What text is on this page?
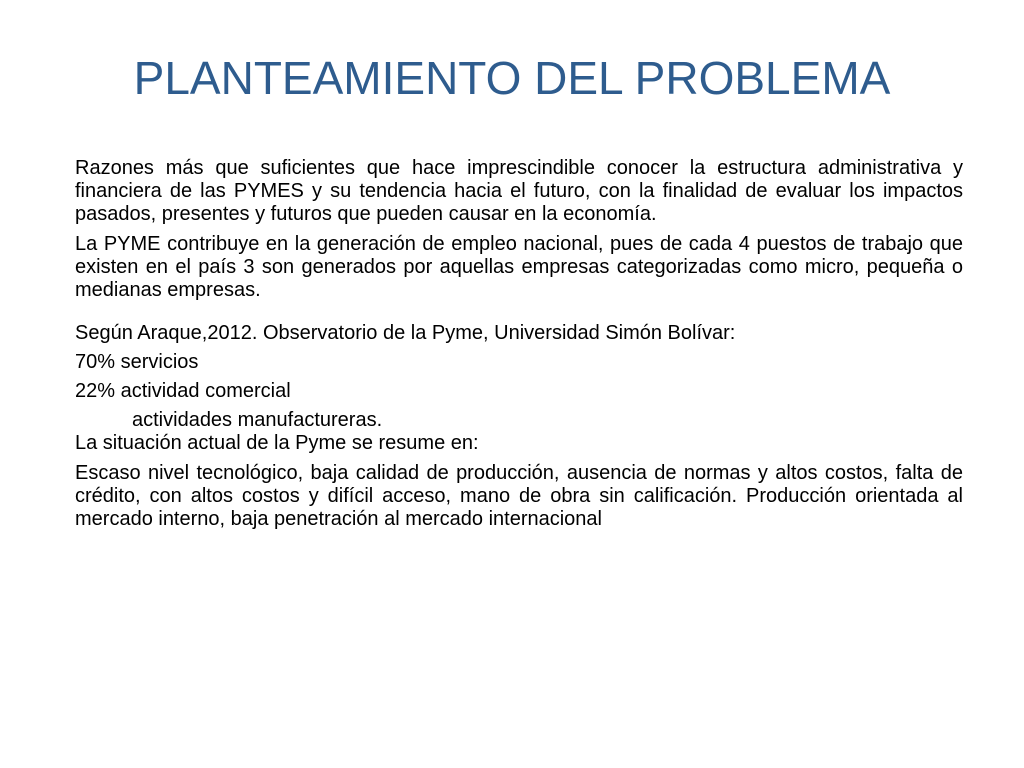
PLANTEAMIENTO DEL PROBLEMA

Razones más que suficientes que hace imprescindible conocer la estructura administrativa y financiera de las PYMES y su tendencia hacia el futuro, con la finalidad de evaluar los impactos pasados, presentes y futuros que pueden causar en la economía.

La PYME contribuye en la generación de empleo nacional, pues de cada 4 puestos de trabajo que existen en el país 3 son generados por aquellas empresas categorizadas como micro, pequeña o medianas empresas.

Según Araque,2012. Observatorio de la Pyme, Universidad Simón Bolívar:

70% servicios

22% actividad comercial

actividades manufactureras.

La situación actual de la Pyme se resume en:

Escaso nivel tecnológico, baja calidad de producción, ausencia de normas y altos costos, falta de crédito, con altos costos y difícil acceso, mano de obra sin calificación. Producción orientada al mercado interno, baja penetración al mercado internacional
